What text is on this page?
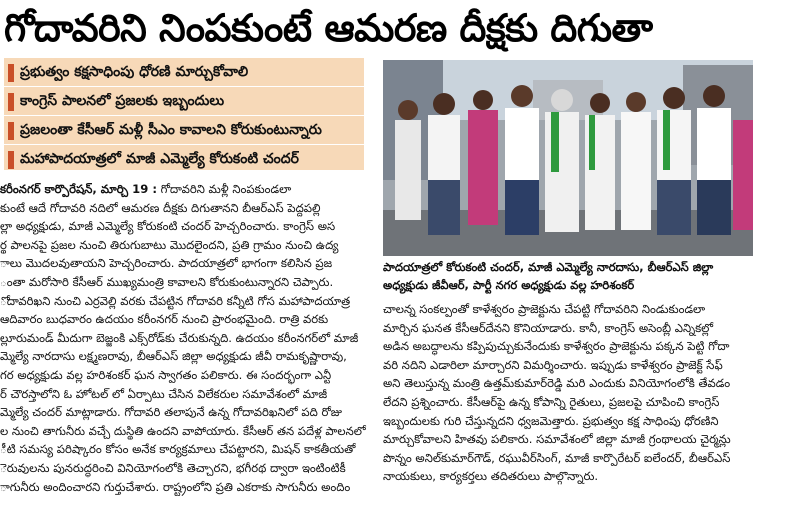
గోదావరిని నింపకుంటే ఆమరణ దీక్షకు దిగుతా
ప్రభుత్వం కక్షసాధింపు ధోరణి మార్చుకోవాలి
కాంగ్రెస్ పాలనలో ప్రజలకు ఇబ్బందులు
ప్రజలంతా కేసీఆర్ మళ్లీ సీఎం కావాలని కోరుకుంటున్నారు
మహాపాదయాత్రలో మాజీ ఎమ్మెల్యే కోరుకంటి చందర్
పాదయాత్రలో కోరుకంటి చందర్, మాజీ ఎమ్మెల్యే నారదాసు, బీఆర్ఎస్ జిల్లా
అధ్యక్షుడు జీవీఆర్, పార్టీ నగర అధ్యక్షుడు వల్ల హరిశంకర్
కరీంనగర్ కార్పొరేషన్, మార్చి 19 : గోదావరిని మళ్లీ నింపకుండలా
కుంటే ఆదే గోదావరి నదిలో ఆమరణ దీక్షకు దిగుతానని బీఆర్ఎస్ పెద్దపల్లి
ల్లా అధ్యక్షుడు, మాజీ ఎమ్మెల్యే కోరుకంటి చందర్ హెచ్చరించారు. కాంగ్రెస్ అస
ర్థ పాలనపై ప్రజల నుంచి తిరుగుబాటు మొదలైందని, ప్రతి గ్రామం నుంచి ఉద్య
ాలు మొదలవుతాయని హెచ్చరించారు. పాదయాత్రలో భాగంగా కలిసిన ప్రజ
ంతా మరోసారి కేసీఆర్ ముఖ్యమంత్రి కావాలని కోరుకుంటున్నారని చెప్పారు.
ోదావరిఖని నుంచి ఎర్రవెల్లి వరకు చేపట్టిన గోదావరి కన్నీటి గోస మహాపాదయాత్ర
ఆదివారం బుధవారం ఉదయం కరీంనగర్ నుంచి ప్రారంభమైంది. రాత్రి వరకు
ల్లూరుమండ్ మీదుగా బెజ్జంకి ఎక్స్‌రోడ్‌కు చేరుకున్నది. ఉదయం కరీంనగర్‌లో మాజీ
మ్మెల్యే నారదాసు లక్ష్మణరావు, బీఆర్ఎస్ జిల్లా అధ్యక్షుడు జీవీ రామకృష్ణారావు,
గర అధ్యక్షుడు వల్ల హరిశంకర్ ఘన స్వాగతం పలికారు. ఈ సందర్భంగా ఎన్టీ
ర్ చౌరస్తాలోని ఓ హోటల్ లో ఏర్పాటు చేసిన విలేకరుల సమావేశంలో మాజీ
మ్మెల్యే చందర్ మాట్లాడారు. గోదావరి తలాపునే ఉన్న గోదావరిఖనిలో పది రోజు
ల నుంచి తాగునీరు వచ్చే దుస్థితి ఉందని వాపోయారు. కేసీఆర్ తన పదేళ్ల పాలనలో
ీటి సమస్య పరిష్కారం కోసం అనేక కార్యక్రమాలు చేపట్టారని, మిషన్ కాకతీయతో
ెరువులను పునరుద్ధరించి వినియోగంలోకి తెచ్చారని, భగీరథ ద్వారా ఇంటింటికీ
ాగునీరు అందించారని గుర్తుచేశారు. రాష్ట్రంలోని ప్రతి ఎకరాకు సాగునీరు అందిం
చాలన్న సంకల్పంతో కాళేశ్వరం ప్రాజెక్టును చేపట్టి గోదావరిని నిండుకుండలా
మార్చిన ఘనత కేసీఆర్‌దేనని కొనియాడారు. కానీ, కాంగ్రెస్ అసెంబ్లీ ఎన్నికల్లో
అడిన అబద్ధాలను కప్పిపుచ్చుకునేందుకు కాళేశ్వరం ప్రాజెక్టును పక్కన పెట్టి గోదా
వరి నదిని ఎడారిలా మార్చారని విమర్శించారు. ఇప్పుడు కాళేశ్వరం ప్రాజెక్ట్ సేఫ్
అని తెలుస్తున్న మంత్రి ఉత్తమ్‌కుమార్‌రెడ్డి మరి ఎందుకు వినియోగంలోకి తేవడం
లేదని ప్రశ్నించారు. కేసీఆర్‌పై ఉన్న కోపాన్ని రైతులు, ప్రజలపై చూపించి కాంగ్రెస్
ఇబ్బందులకు గురి చేస్తున్నదని ధ్వజమెత్తారు. ప్రభుత్వం కక్ష సాధింపు ధోరణిని
మార్చుకోవాలని హితవు పలికారు. సమావేశంలో జిల్లా మాజీ గ్రంథాలయ చైర్మన్లు
పొన్నం అనిల్‌కుమార్‌గౌడ్, రఘువీర్‌సింగ్, మాజీ కార్పొరేటర్ ఐలేందర్, బీఆర్ఎస్
నాయకులు, కార్యకర్తలు తదితరులు పాల్గొన్నారు.
